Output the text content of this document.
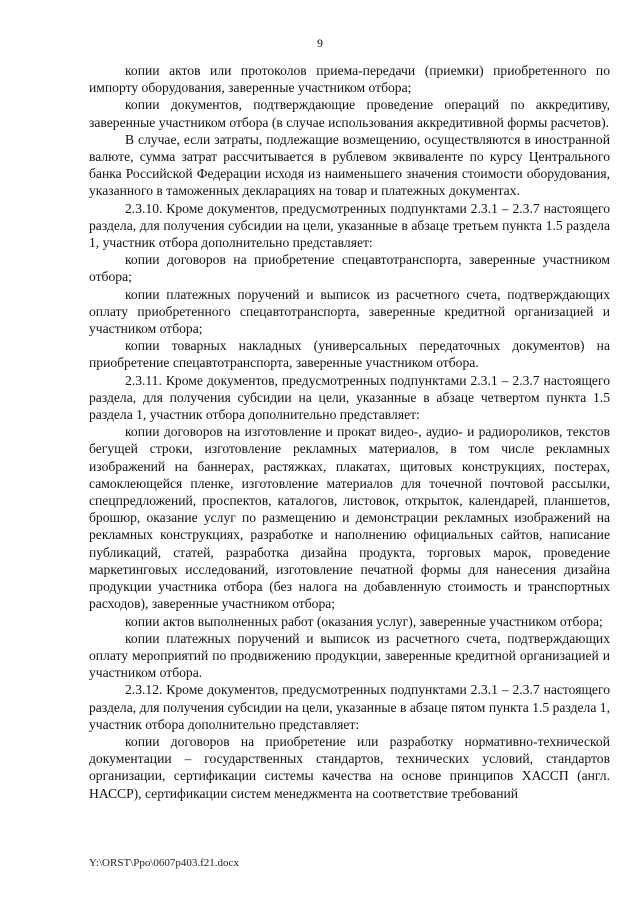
9

копии актов или протоколов приема-передачи (приемки) приобретенного по импорту оборудования, заверенные участником отбора;

копии документов, подтверждающие проведение операций по аккредитиву, заверенные участником отбора (в случае использования аккредитивной формы расчетов).

В случае, если затраты, подлежащие возмещению, осуществляются в иностранной валюте, сумма затрат рассчитывается в рублевом эквиваленте по курсу Центрального банка Российской Федерации исходя из наименьшего значения стоимости оборудования, указанного в таможенных декларациях на товар и платежных документах.

2.3.10. Кроме документов, предусмотренных подпунктами 2.3.1 – 2.3.7 настоящего раздела, для получения субсидии на цели, указанные в абзаце третьем пункта 1.5 раздела 1, участник отбора дополнительно представляет:

копии договоров на приобретение спецавтотранспорта, заверенные участником отбора;

копии платежных поручений и выписок из расчетного счета, подтверждающих оплату приобретенного спецавтотранспорта, заверенные кредитной организацией и участником отбора;

копии товарных накладных (универсальных передаточных документов) на приобретение спецавтотранспорта, заверенные участником отбора.

2.3.11. Кроме документов, предусмотренных подпунктами 2.3.1 – 2.3.7 настоящего раздела, для получения субсидии на цели, указанные в абзаце четвертом пункта 1.5 раздела 1, участник отбора дополнительно представляет:

копии договоров на изготовление и прокат видео-, аудио- и радиороликов, текстов бегущей строки, изготовление рекламных материалов, в том числе рекламных изображений на баннерах, растяжках, плакатах, щитовых конструкциях, постерах, самоклеющейся пленке, изготовление материалов для точечной почтовой рассылки, спецпредложений, проспектов, каталогов, листовок, открыток, календарей, планшетов, брошюр, оказание услуг по размещению и демонстрации рекламных изображений на рекламных конструкциях, разработке и наполнению официальных сайтов, написание публикаций, статей, разработка дизайна продукта, торговых марок, проведение маркетинговых исследований, изготовление печатной формы для нанесения дизайна продукции участника отбора (без налога на добавленную стоимость и транспортных расходов), заверенные участником отбора;

копии актов выполненных работ (оказания услуг), заверенные участником отбора;

копии платежных поручений и выписок из расчетного счета, подтверждающих оплату мероприятий по продвижению продукции, заверенные кредитной организацией и участником отбора.

2.3.12. Кроме документов, предусмотренных подпунктами 2.3.1 – 2.3.7 настоящего раздела, для получения субсидии на цели, указанные в абзаце пятом пункта 1.5 раздела 1, участник отбора дополнительно представляет:

копии договоров на приобретение или разработку нормативно-технической документации – государственных стандартов, технических условий, стандартов организации, сертификации системы качества на основе принципов ХАССП (англ. НАССР), сертификации систем менеджмента на соответствие требований

Y:\ORST\Ppo\0607p403.f21.docx
